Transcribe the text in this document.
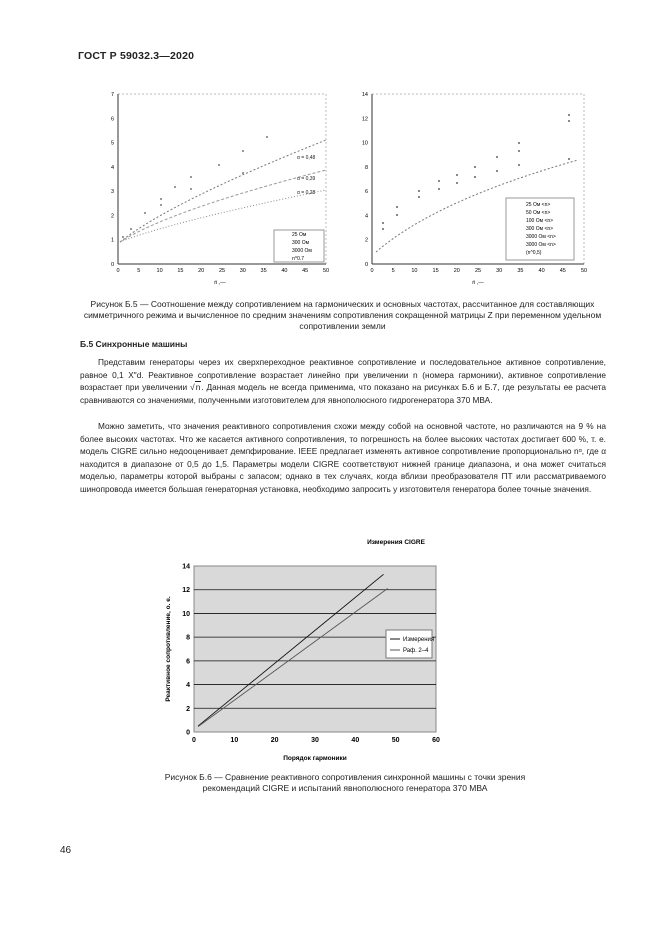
ГОСТ Р 59032.3—2020
0
1
2
3
4
5
6
7
0	5	10	15	20	25	30	35	40	45	50
α = 0,48
α = 0,39
α = 0,28
25 Ом
300 Ом
3000 Ом
n^0.7
ń ,—
0
2
4
6
8
10
12
14
0	5	10	15	20	25	30	35	40	45	50
25 Ом <n>
50 Ом <n>
100 Ом <n>
300 Ом <n>
3000 Ом <n>
3000 Ом <n>
(n^0,5)
ń ,—
Рисунок Б.5 — Соотношение между сопротивлением на гармонических и основных частотах, рассчитанное для составляющих симметричного режима и вычисленное по средним значениям сопротивления сокращенной матрицы Z при переменном удельном сопротивлении земли
Б.5 Синхронные машины
Представим генераторы через их сверхпереходное реактивное сопротивление и последовательное активное сопротивление, равное 0,1 X″d. Реактивное сопротивление возрастает линейно при увеличении n (номера гармоники), активное сопротивление возрастает при увеличении √n. Данная модель не всегда применима, что показано на рисунках Б.6 и Б.7, где результаты ее расчета сравниваются со значениями, полученными изготовителем для явнополюсного гидрогенератора 370 МВА.
Можно заметить, что значения реактивного сопротивления схожи между собой на основной частоте, но различаются на 9 % на более высоких частотах. Что же касается активного сопротивления, то погрешность на более высоких частотах достигает 600 %, т. е. модель CIGRE сильно недооценивает демпфирование. IEEE предлагает изменять активное сопротивление пропорционально nᵅ, где α находится в диапазоне от 0,5 до 1,5. Параметры модели CIGRE соответствуют нижней границе диапазона, и она может считаться моделью, параметры которой выбраны с запасом; однако в тех случаях, когда вблизи преобразователя ПТ или рассматриваемого шинопровода имеется большая генераторная установка, необходимо запросить у изготовителя генератора более точные значения.
Измерения CIGRE
0
2
4
6
8
10
12
14
0	10	20	30	40	50	60
Измерения
Раф. 2–4
Порядок гармоники
Реактивное сопротивление, о. е.
Рисунок Б.6 — Сравнение реактивного сопротивления синхронной машины с точки зрения рекомендаций CIGRE и испытаний явнополюсного генератора 370 МВА
46
